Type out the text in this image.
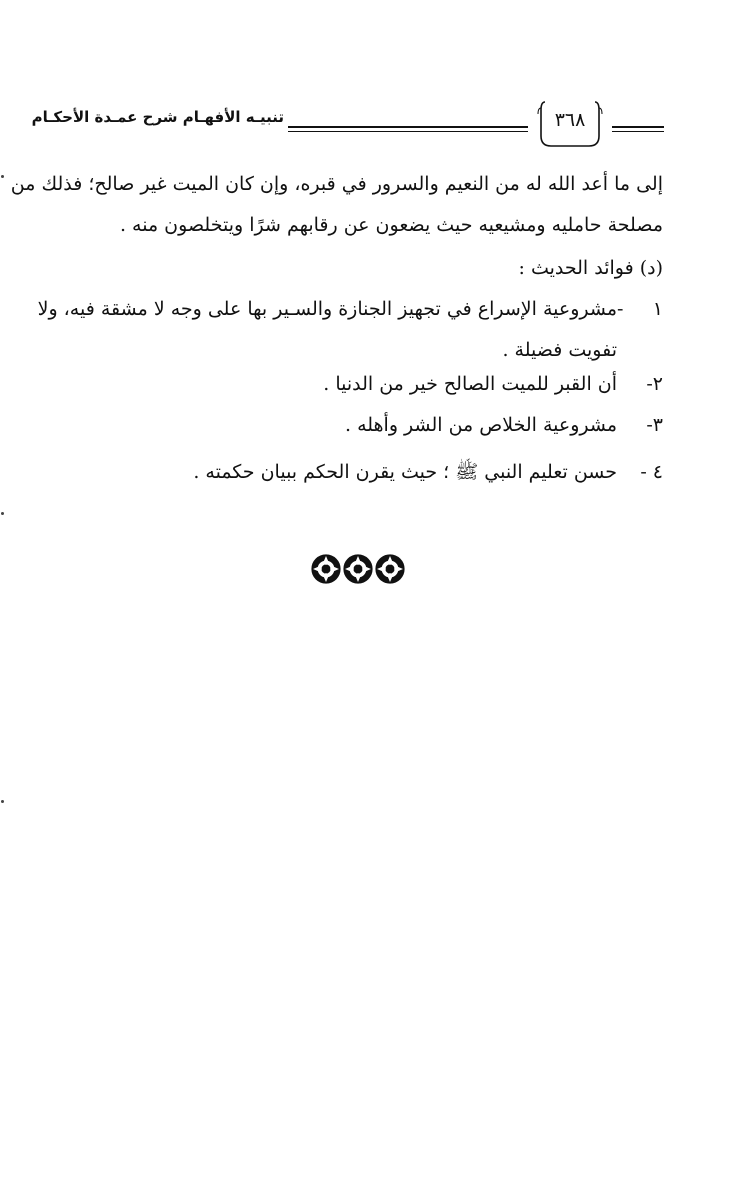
تنبيـه الأفهـام شرح عمـدة الأحكـام	٣٦٨
إلى ما أعد الله له من النعيم والسرور في قبره، وإن كان الميت غير صالح؛ فذلك من
مصلحة حامليه ومشيعيه حيث يضعون عن رقابهم شرًا ويتخلصون منه .
(د) فوائد الحديث :
١ -مشروعية الإسراع في تجهيز الجنازة والسـير بها على وجه لا مشقة فيه، ولا
تفويت فضيلة .
٢-أن القبر للميت الصالح خير من الدنيا .
٣-مشروعية الخلاص من الشر وأهله .
٤ -حسن تعليم النبي ﷺ ؛ حيث يقرن الحكم ببيان حكمته .
